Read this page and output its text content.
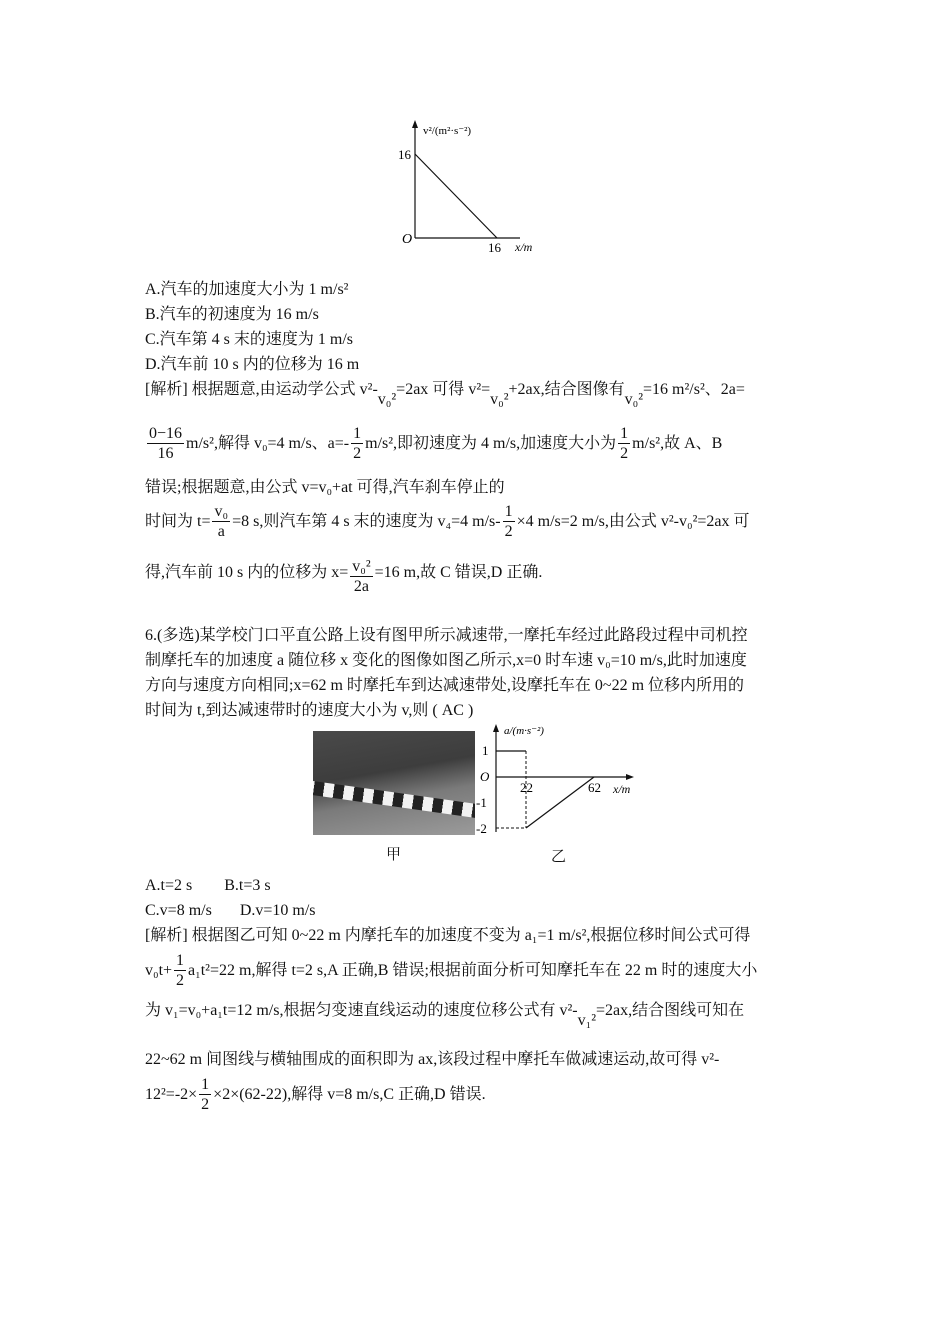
v²/(m²·s⁻²)
16
O
16 x/m
A.汽车的加速度大小为 1 m/s²
B.汽车的初速度为 16 m/s
C.汽车第 4 s 末的速度为 1 m/s
D.汽车前 10 s 内的位移为 16 m
[解析] 根据题意,由运动学公式 v²-v₀²=2ax 可得 v²=v₀²+2ax,结合图像有v₀²=16 m²/s²、2a=
$\frac{0-16}{16} m/s^2$,解得 v₀=4 m/s、$a=- \frac{1}{2} m/s^2$,即初速度为 4 m/s,加速度大小为 $\frac{1}{2} m/s^2$,故 A、B
错误;根据题意,由公式 v=v₀+at 可得,汽车刹车停止的
时间为 $t= \frac{\text{v₀}}{a} =8$ s,则汽车第 4 s 末的速度为 v₄=4 $m/s- \frac{1}{2} \times 4$ m/s=2 m/s,由公式 v²-v₀²=2ax 可
得,汽车前 10 s 内的位移为 $x= \frac{\text{v₀²}}{2a} =16$ m,故 C 错误,D 正确.
6.(多选)某学校门口平直公路上设有图甲所示减速带,一摩托车经过此路段过程中司机控
制摩托车的加速度 a 随位移 x 变化的图像如图乙所示,x=0 时车速 v₀=10 m/s,此时加速度
方向与速度方向相同;x=62 m 时摩托车到达减速带处,设摩托车在 0~22 m 位移内所用的
时间为 t,到达减速带时的速度大小为 v,则 ( AC )
a/(m·s⁻²)
1
O
-1
-2
22	62 x/m
甲	乙
A.t=2 s        B.t=3 s
C.v=8 m/s       D.v=10 m/s
[解析] 根据图乙可知 0~22 m 内摩托车的加速度不变为 a₁=1 m/s²,根据位移时间公式可得
$v_0t+ \frac{1}{2} a_1t^2=22$ m,解得 t=2 s,A 正确,B 错误;根据前面分析可知摩托车在 22 m 时的速度大小
为 v₁=v₀+a₁t=12 m/s,根据匀变速直线运动的速度位移公式有 v²-v₁²=2ax,结合图线可知在
22~62 m 间图线与横轴围成的面积即为 ax,该段过程中摩托车做减速运动,故可得 v²-
$12^2=-2\times \frac{1}{2} \times 2\times(62-22)$,解得 v=8 m/s,C 正确,D 错误.
